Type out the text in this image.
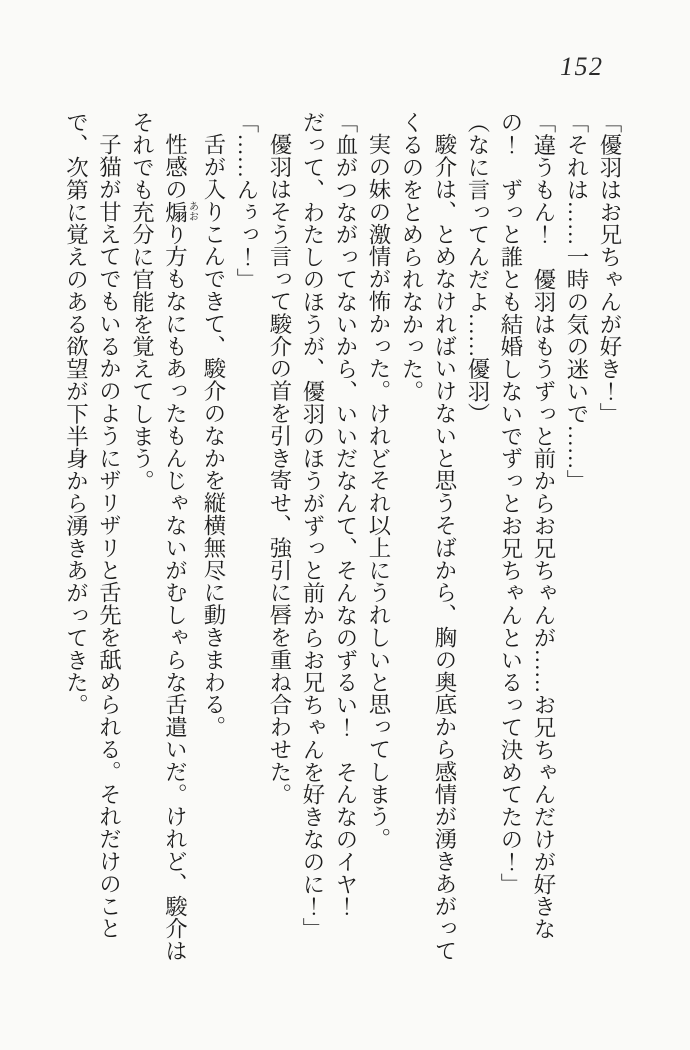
152

「優羽はお兄ちゃんが好き！」

「それは……一時の気の迷いで……」

「違うもん！　優羽はもうずっと前からお兄ちゃんが……お兄ちゃんだけが好きなの！　ずっと誰とも結婚しないでずっとお兄ちゃんといるって決めてたの！」

（なに言ってんだよ……優羽）

駿介は、とめなければいけないと思うそばから、胸の奥底から感情が湧きあがってくるのをとめられなかった。

実の妹の激情が怖かった。けれどそれ以上にうれしいと思ってしまう。

「血がつながってないから、いいだなんて、そんなのずるい！　そんなのイヤ！　だって、わたしのほうが、優羽のほうがずっと前からお兄ちゃんを好きなのに！」

優羽はそう言って駿介の首を引き寄せ、強引に唇を重ね合わせた。

「……んぅっ！」

舌が入りこんできて、駿介のなかを縦横無尽に動きまわる。

性感の煽 あおり方もなにもあったもんじゃないがむしゃらな舌遣いだ。けれど、駿介はそれでも充分に官能を覚えてしまう。

子猫が甘えてでもいるかのようにザリザリと舌先を舐められる。それだけのことで、次第に覚えのある欲望が下半身から湧きあがってきた。
